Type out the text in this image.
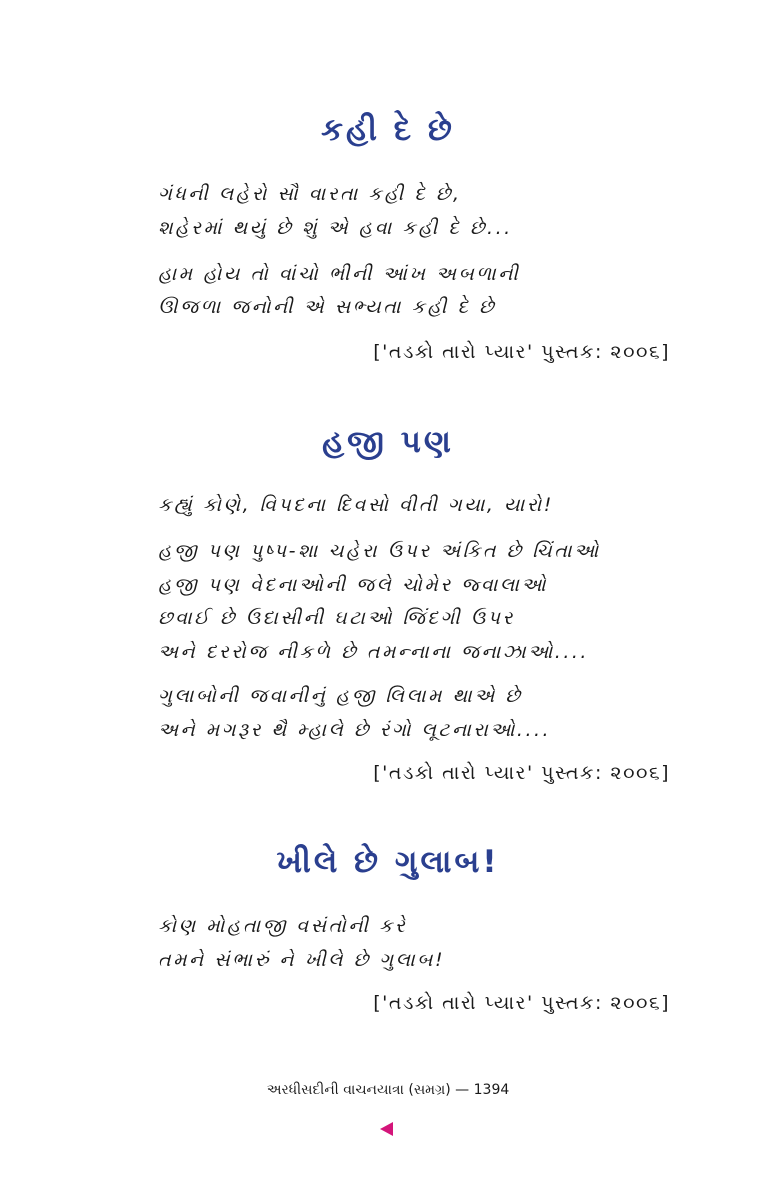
કહી દે છે
ગંધની લહેરો સૌ વારતા કહી દે છે,
શહેરમાં થયું છે શું એ હવા કહી દે છે...
હામ હોય તો વાંચો ભીની આંખ અબળાની
ઊજળા જનોની એ સભ્યતા કહી દે છે
['તડકો તારો પ્યાર' પુસ્તક: ૨૦૦૬]
હજી પણ
કહ્યું કોણે, વિપદના દિવસો વીતી ગયા, યારો!
હજી પણ પુષ્પ-શા ચહેરા ઉપર અંકિત છે ચિંતાઓ
હજી પણ વેદનાઓની જલે ચોમેર જ્વાલાઓ
છવાઈ છે ઉદાસીની ઘટાઓ જિંદગી ઉપર
અને દરરોજ નીકળે છે તમન્નાના જનાઝાઓ....
ગુલાબોની જવાનીનું હજી લિલામ થાએ છે
અને મગરૂર થૈ મ્હાલે છે રંગો લૂટનારાઓ....
['તડકો તારો પ્યાર' પુસ્તક: ૨૦૦૬]
ખીલે છે ગુલાબ!
કોણ મોહતાજી વસંતોની કરે
તમને સંભારું ને ખીલે છે ગુલાબ!
['તડકો તારો પ્યાર' પુસ્તક: ૨૦૦૬]
અરધીસદીની વાચનયાત્રા (સમગ્ર) — 1394
